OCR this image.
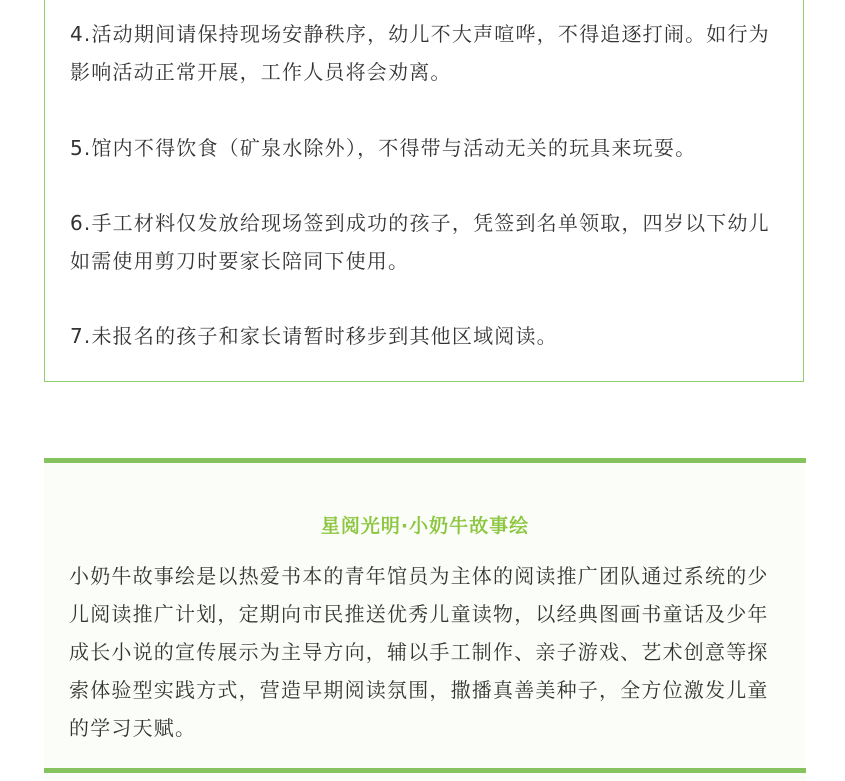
4.活动期间请保持现场安静秩序，幼儿不大声喧哗，不得追逐打闹。如行为
影响活动正常开展，工作人员将会劝离。

5.馆内不得饮食（矿泉水除外），不得带与活动无关的玩具来玩耍。

6.手工材料仅发放给现场签到成功的孩子，凭签到名单领取，四岁以下幼儿
如需使用剪刀时要家长陪同下使用。

7.未报名的孩子和家长请暂时移步到其他区域阅读。

星阅光明·小奶牛故事绘

小奶牛故事绘是以热爱书本的青年馆员为主体的阅读推广团队通过系统的少
儿阅读推广计划，定期向市民推送优秀儿童读物，以经典图画书童话及少年
成长小说的宣传展示为主导方向，辅以手工制作、亲子游戏、艺术创意等探
索体验型实践方式，营造早期阅读氛围，撒播真善美种子，全方位激发儿童
的学习天赋。
